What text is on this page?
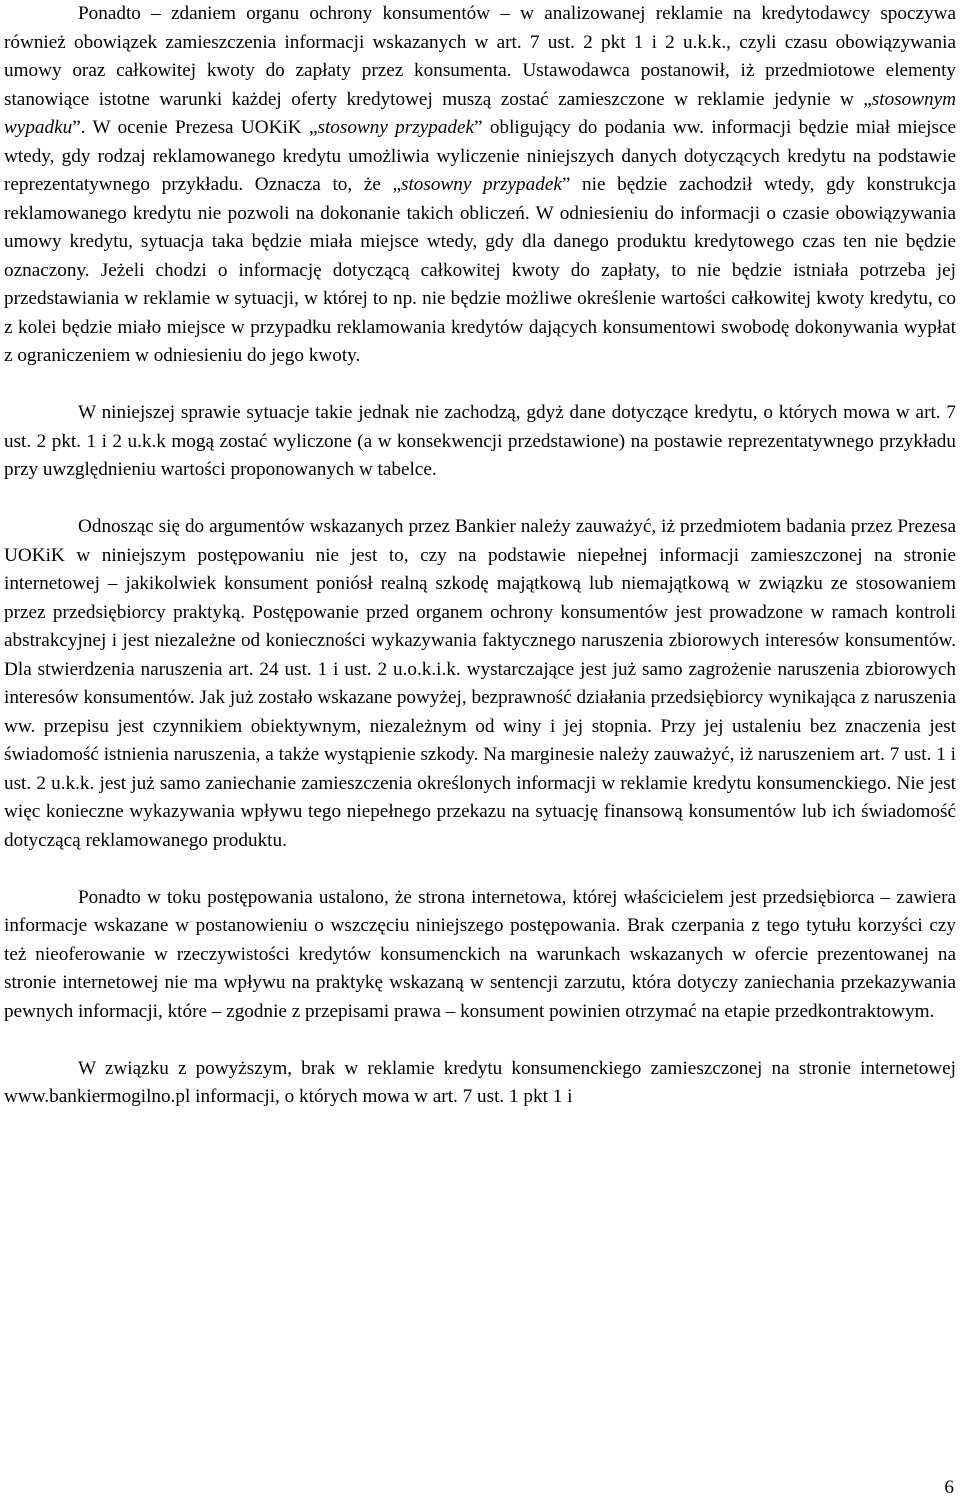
Ponadto – zdaniem organu ochrony konsumentów – w analizowanej reklamie na kredytodawcy spoczywa również obowiązek zamieszczenia informacji wskazanych w art. 7 ust. 2 pkt 1 i 2 u.k.k., czyli czasu obowiązywania umowy oraz całkowitej kwoty do zapłaty przez konsumenta. Ustawodawca postanowił, iż przedmiotowe elementy stanowiące istotne warunki każdej oferty kredytowej muszą zostać zamieszczone w reklamie jedynie w „stosownym wypadku”. W ocenie Prezesa UOKiK „stosowny przypadek” obligujący do podania ww. informacji będzie miał miejsce wtedy, gdy rodzaj reklamowanego kredytu umożliwia wyliczenie niniejszych danych dotyczących kredytu na podstawie reprezentatywnego przykładu. Oznacza to, że „stosowny przypadek” nie będzie zachodził wtedy, gdy konstrukcja reklamowanego kredytu nie pozwoli na dokonanie takich obliczeń. W odniesieniu do informacji o czasie obowiązywania umowy kredytu, sytuacja taka będzie miała miejsce wtedy, gdy dla danego produktu kredytowego czas ten nie będzie oznaczony. Jeżeli chodzi o informację dotyczącą całkowitej kwoty do zapłaty, to nie będzie istniała potrzeba jej przedstawiania w reklamie w sytuacji, w której to np. nie będzie możliwe określenie wartości całkowitej kwoty kredytu, co z kolei będzie miało miejsce w przypadku reklamowania kredytów dających konsumentowi swobodę dokonywania wypłat z ograniczeniem w odniesieniu do jego kwoty.

W niniejszej sprawie sytuacje takie jednak nie zachodzą, gdyż dane dotyczące kredytu, o których mowa w art. 7 ust. 2 pkt. 1 i 2 u.k.k mogą zostać wyliczone (a w konsekwencji przedstawione) na postawie reprezentatywnego przykładu przy uwzględnieniu wartości proponowanych w tabelce.

Odnosząc się do argumentów wskazanych przez Bankier należy zauważyć, iż przedmiotem badania przez Prezesa UOKiK w niniejszym postępowaniu nie jest to, czy na podstawie niepełnej informacji zamieszczonej na stronie internetowej – jakikolwiek konsument poniósł realną szkodę majątkową lub niemajątkową w związku ze stosowaniem przez przedsiębiorcy praktyką. Postępowanie przed organem ochrony konsumentów jest prowadzone w ramach kontroli abstrakcyjnej i jest niezależne od konieczności wykazywania faktycznego naruszenia zbiorowych interesów konsumentów. Dla stwierdzenia naruszenia art. 24 ust. 1 i ust. 2 u.o.k.i.k. wystarczające jest już samo zagrożenie naruszenia zbiorowych interesów konsumentów. Jak już zostało wskazane powyżej, bezprawność działania przedsiębiorcy wynikająca z naruszenia ww. przepisu jest czynnikiem obiektywnym, niezależnym od winy i jej stopnia. Przy jej ustaleniu bez znaczenia jest świadomość istnienia naruszenia, a także wystąpienie szkody. Na marginesie należy zauważyć, iż naruszeniem art. 7 ust. 1 i ust. 2 u.k.k. jest już samo zaniechanie zamieszczenia określonych informacji w reklamie kredytu konsumenckiego. Nie jest więc konieczne wykazywania wpływu tego niepełnego przekazu na sytuację finansową konsumentów lub ich świadomość dotyczącą reklamowanego produktu.

Ponadto w toku postępowania ustalono, że strona internetowa, której właścicielem jest przedsiębiorca – zawiera informacje wskazane w postanowieniu o wszczęciu niniejszego postępowania. Brak czerpania z tego tytułu korzyści czy też nieoferowanie w rzeczywistości kredytów konsumenckich na warunkach wskazanych w ofercie prezentowanej na stronie internetowej nie ma wpływu na praktykę wskazaną w sentencji zarzutu, która dotyczy zaniechania przekazywania pewnych informacji, które – zgodnie z przepisami prawa – konsument powinien otrzymać na etapie przedkontraktowym.

W związku z powyższym, brak w reklamie kredytu konsumenckiego zamieszczonej na stronie internetowej www.bankiermogilno.pl informacji, o których mowa w art. 7 ust. 1 pkt 1 i

6
